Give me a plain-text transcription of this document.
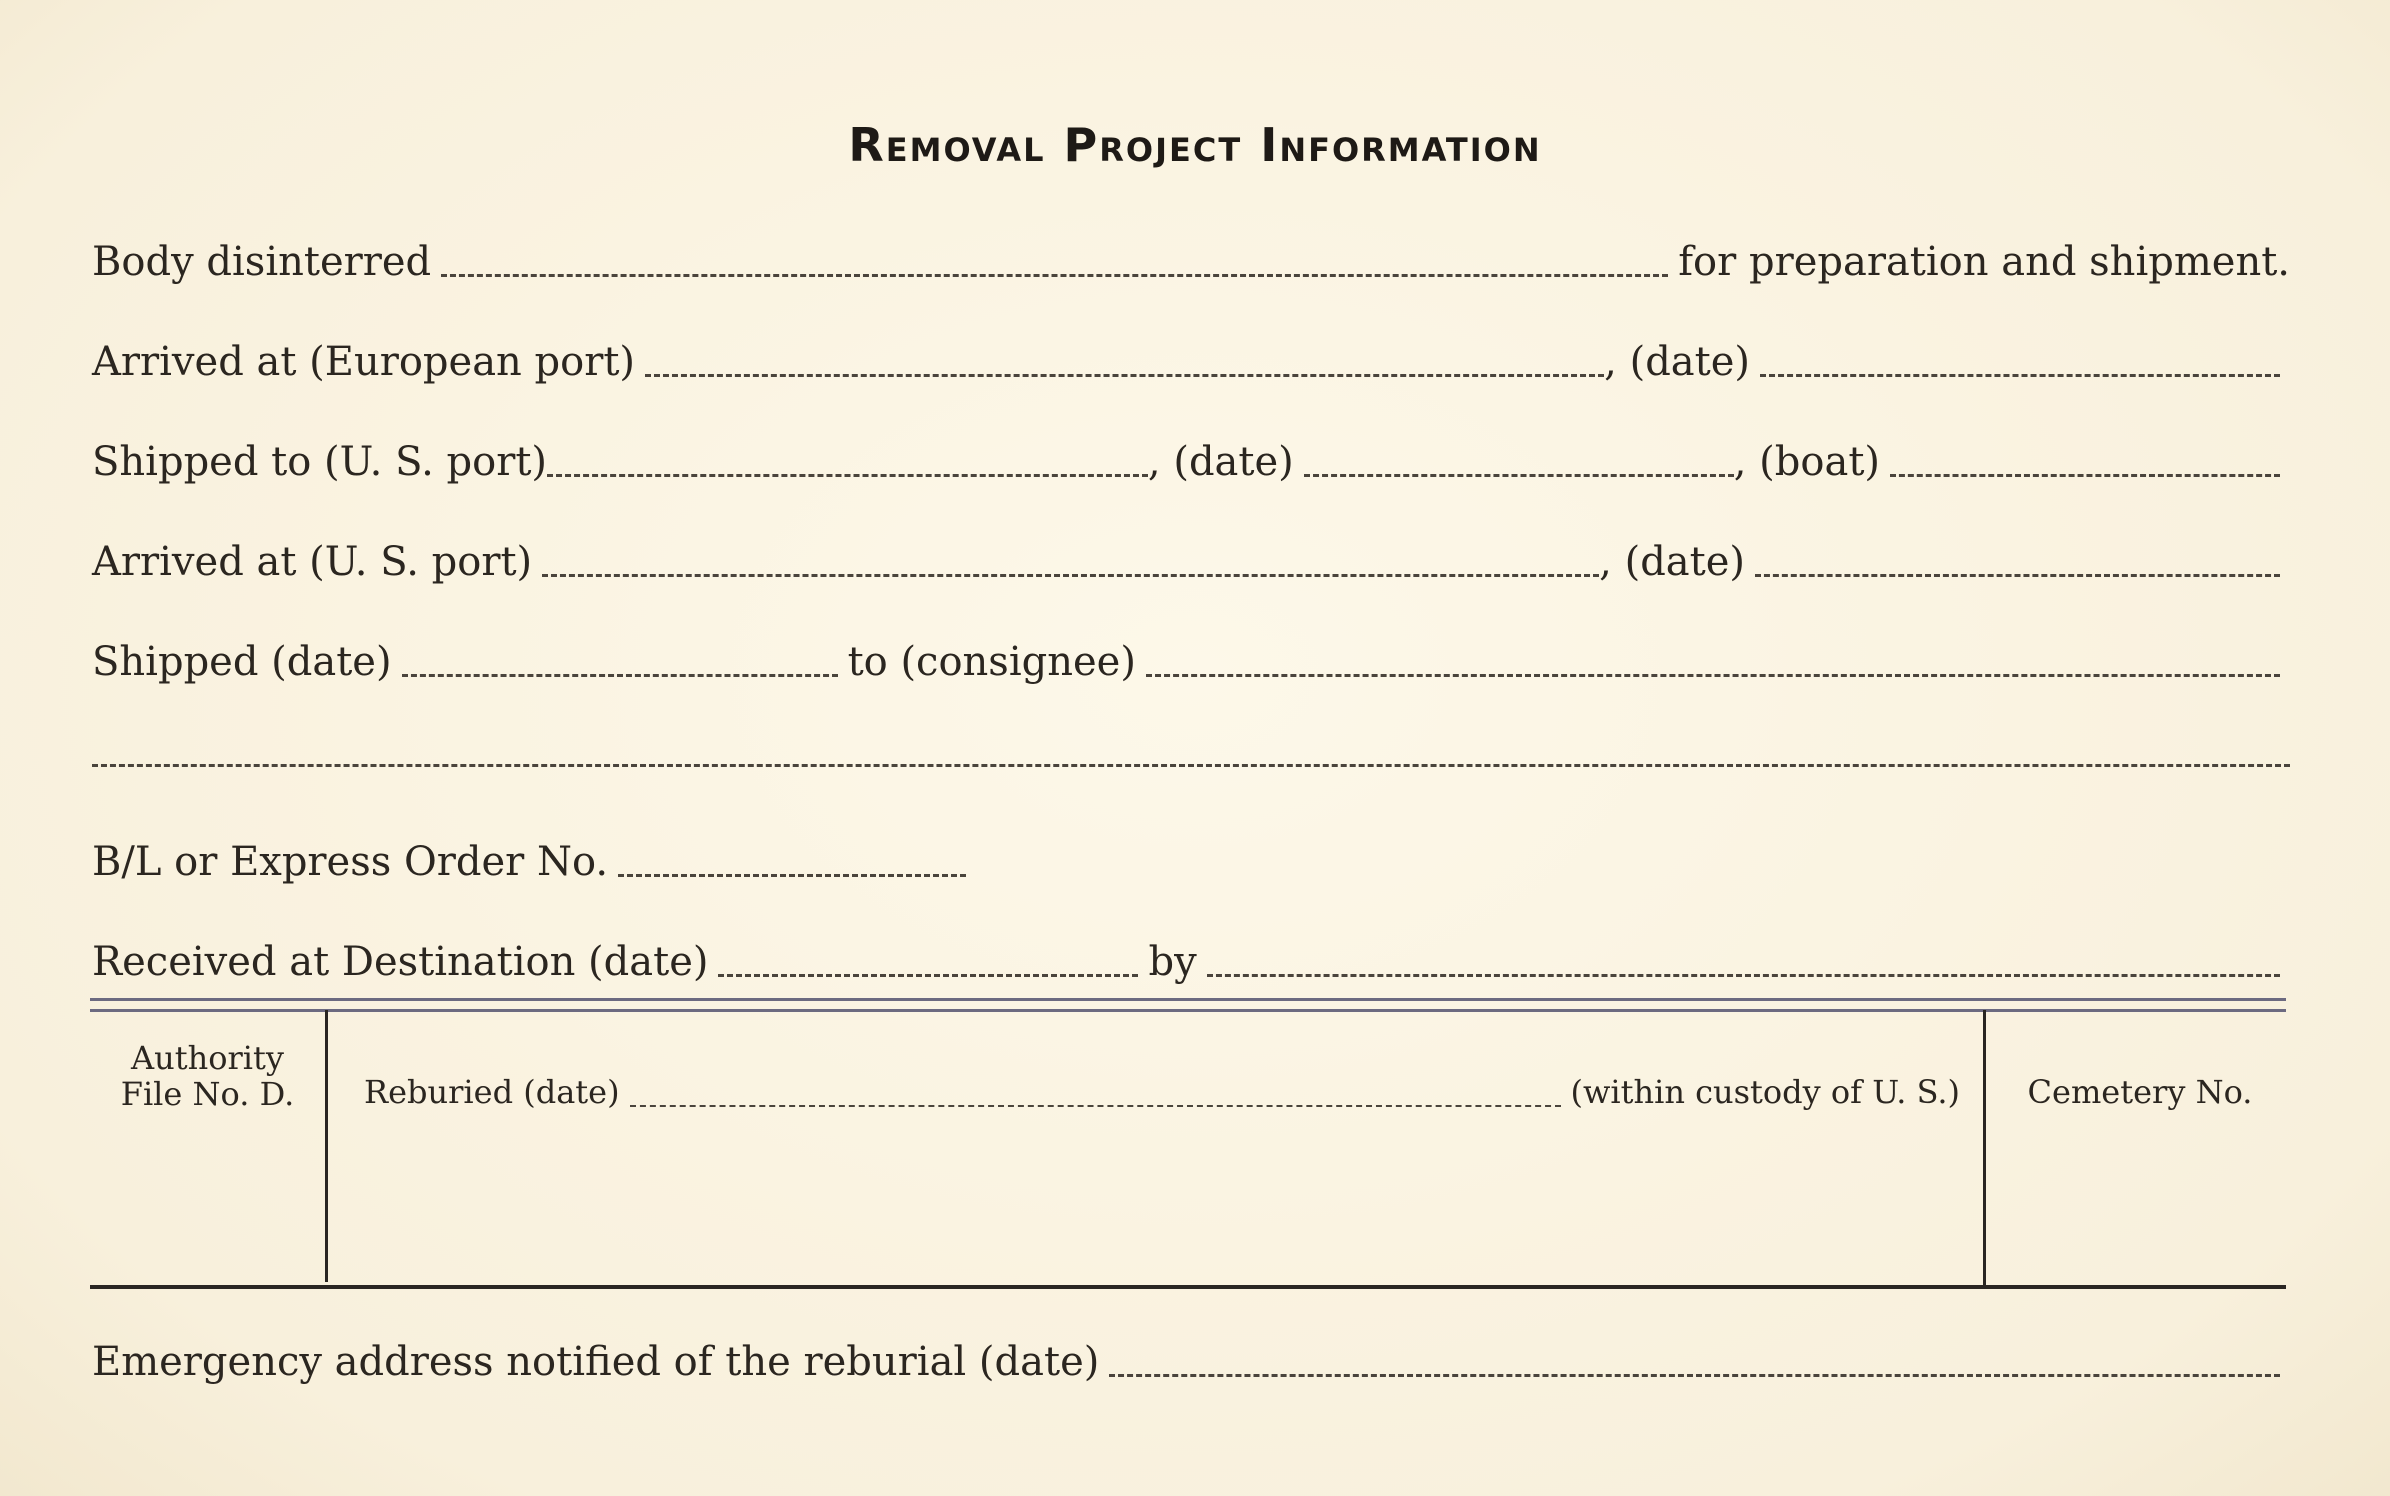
Removal Project Information
Body disinterred	for preparation and shipment.
Arrived at (European port)	, (date)
Shipped to (U. S. port)	, (date)	, (boat)
Arrived at (U. S. port)	, (date)
Shipped (date)	to (consignee)
B/L or Express Order No.
Received at Destination (date)	by
Authority
File No. D.	Reburied (date)	(within custody of U. S.)	Cemetery No.
Emergency address notified of the reburial (date)
